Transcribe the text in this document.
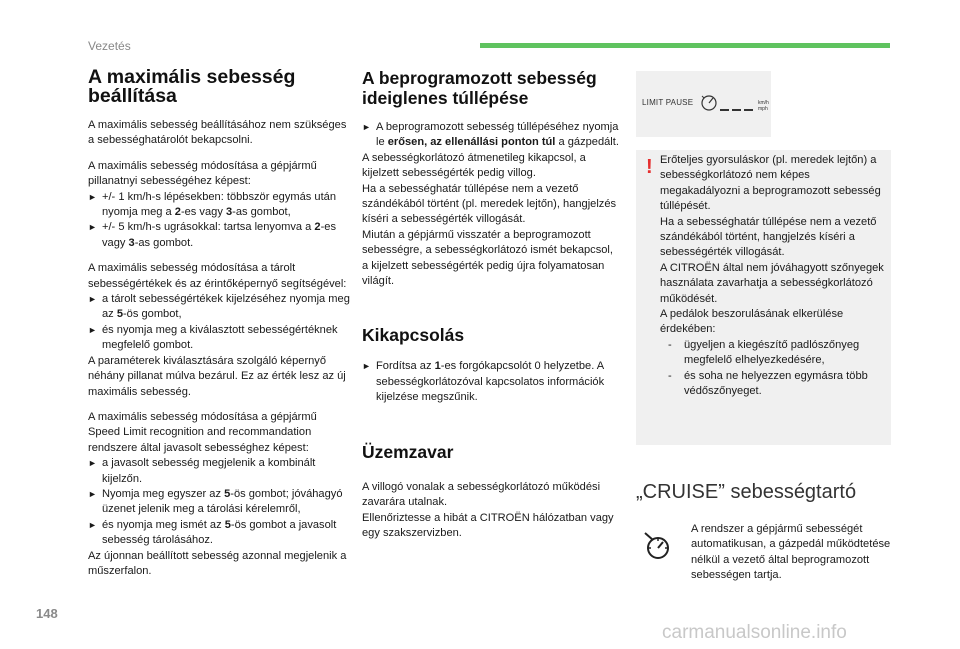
Vezetés
A maximális sebesség beállítása

A maximális sebesség beállításához nem szükséges a sebességhatárolót bekapcsolni.

A maximális sebesség módosítása a gépjármű pillanatnyi sebességéhez képest:

► +/- 1 km/h-s lépésekben: többször egymás után nyomja meg a 2-es vagy 3-as gombot,

► +/- 5 km/h-s ugrásokkal: tartsa lenyomva a 2-es vagy 3-as gombot.

A maximális sebesség módosítása a tárolt sebességértékek és az érintőképernyő segítségével:

► a tárolt sebességértékek kijelzéséhez nyomja meg az 5-ös gombot,

► és nyomja meg a kiválasztott sebességértéknek megfelelő gombot.

A paraméterek kiválasztására szolgáló képernyő néhány pillanat múlva bezárul. Ez az érték lesz az új maximális sebesség.

A maximális sebesség módosítása a gépjármű Speed Limit recognition and recommandation rendszere által javasolt sebességhez képest:

► a javasolt sebesség megjelenik a kombinált kijelzőn.

► Nyomja meg egyszer az 5-ös gombot; jóváhagyó üzenet jelenik meg a tárolási kérelemről,

► és nyomja meg ismét az 5-ös gombot a javasolt sebesség tárolásához.

Az újonnan beállított sebesség azonnal megjelenik a műszerfalon.

A beprogramozott sebesség ideiglenes túllépése

► A beprogramozott sebesség túllépéséhez nyomja le erősen, az ellenállási ponton túl a gázpedált.

A sebességkorlátozó átmenetileg kikapcsol, a kijelzett sebességérték pedig villog.

Ha a sebességhatár túllépése nem a vezető szándékából történt (pl. meredek lejtőn), hangjelzés kíséri a sebességérték villogását.

Miután a gépjármű visszatér a beprogramozott sebességre, a sebességkorlátozó ismét bekapcsol, a kijelzett sebességérték pedig újra folyamatosan világít.

Kikapcsolás

► Fordítsa az 1-es forgókapcsolót 0 helyzetbe. A sebességkorlátozóval kapcsolatos információk kijelzése megszűnik.

Üzemzavar

A villogó vonalak a sebességkorlátozó működési zavarára utalnak.

Ellenőriztesse a hibát a CITROËN hálózatban vagy egy szakszervizben.

LIMIT PAUSE	km/h
mph
! Erőteljes gyorsuláskor (pl. meredek lejtőn) a sebességkorlátozó nem képes megakadályozni a beprogramozott sebesség túllépését.

Ha a sebességhatár túllépése nem a vezető szándékából történt, hangjelzés kíséri a sebességérték villogását.

A CITROËN által nem jóváhagyott szőnyegek használata zavarhatja a sebességkorlátozó működését.

A pedálok beszorulásának elkerülése érdekében:

- ügyeljen a kiegészítő padlószőnyeg megfelelő elhelyezkedésére,

- és soha ne helyezzen egymásra több védőszőnyeget.

„CRUISE” sebességtartó

A rendszer a gépjármű sebességét automatikusan, a gázpedál működtetése nélkül a vezető által beprogramozott sebességen tartja.

148
carmanualsonline.info
